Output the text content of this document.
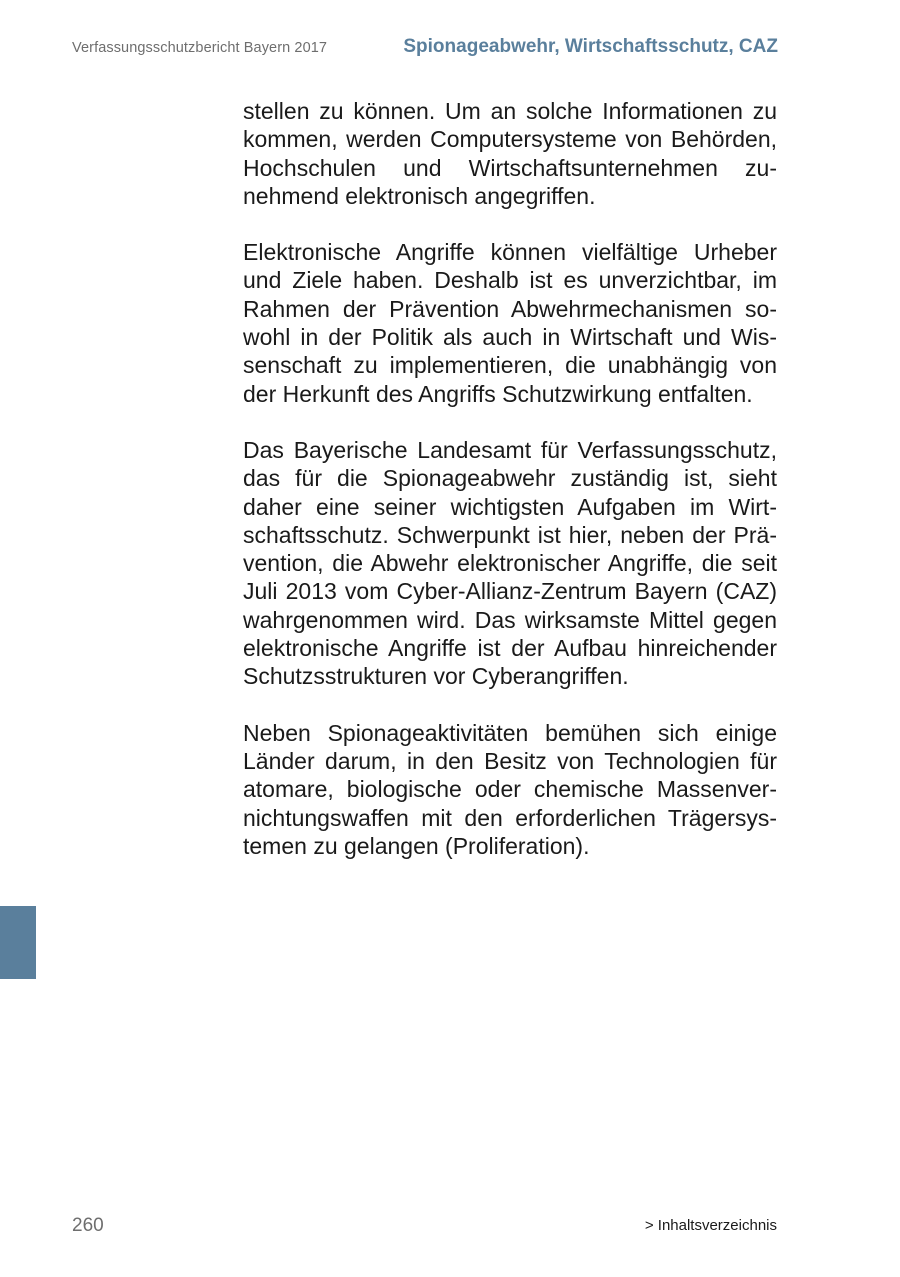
Verfassungsschutzbericht Bayern 2017	Spionageabwehr, Wirtschaftsschutz, CAZ

stellen zu können. Um an solche Informationen zu kommen, werden Computersysteme von Behörden, Hochschulen und Wirtschaftsunternehmen zunehmend elektronisch angegriffen.

Elektronische Angriffe können vielfältige Urheber und Ziele haben. Deshalb ist es unverzichtbar, im Rahmen der Prävention Abwehrmechanismen sowohl in der Politik als auch in Wirtschaft und Wissenschaft zu implementieren, die unabhängig von der Herkunft des Angriffs Schutzwirkung entfalten.

Das Bayerische Landesamt für Verfassungsschutz, das für die Spionageabwehr zuständig ist, sieht daher eine seiner wichtigsten Aufgaben im Wirtschaftsschutz. Schwerpunkt ist hier, neben der Prävention, die Abwehr elektronischer Angriffe, die seit Juli 2013 vom Cyber-Allianz-Zentrum Bayern (CAZ) wahrgenommen wird. Das wirksamste Mittel gegen elektronische Angriffe ist der Aufbau hinreichender Schutzsstrukturen vor Cyberangriffen.

Neben Spionageaktivitäten bemühen sich einige Länder darum, in den Besitz von Technologien für atomare, biologische oder chemische Massenvernichtungswaffen mit den erforderlichen Trägersystemen zu gelangen (Proliferation).

260	> Inhaltsverzeichnis
